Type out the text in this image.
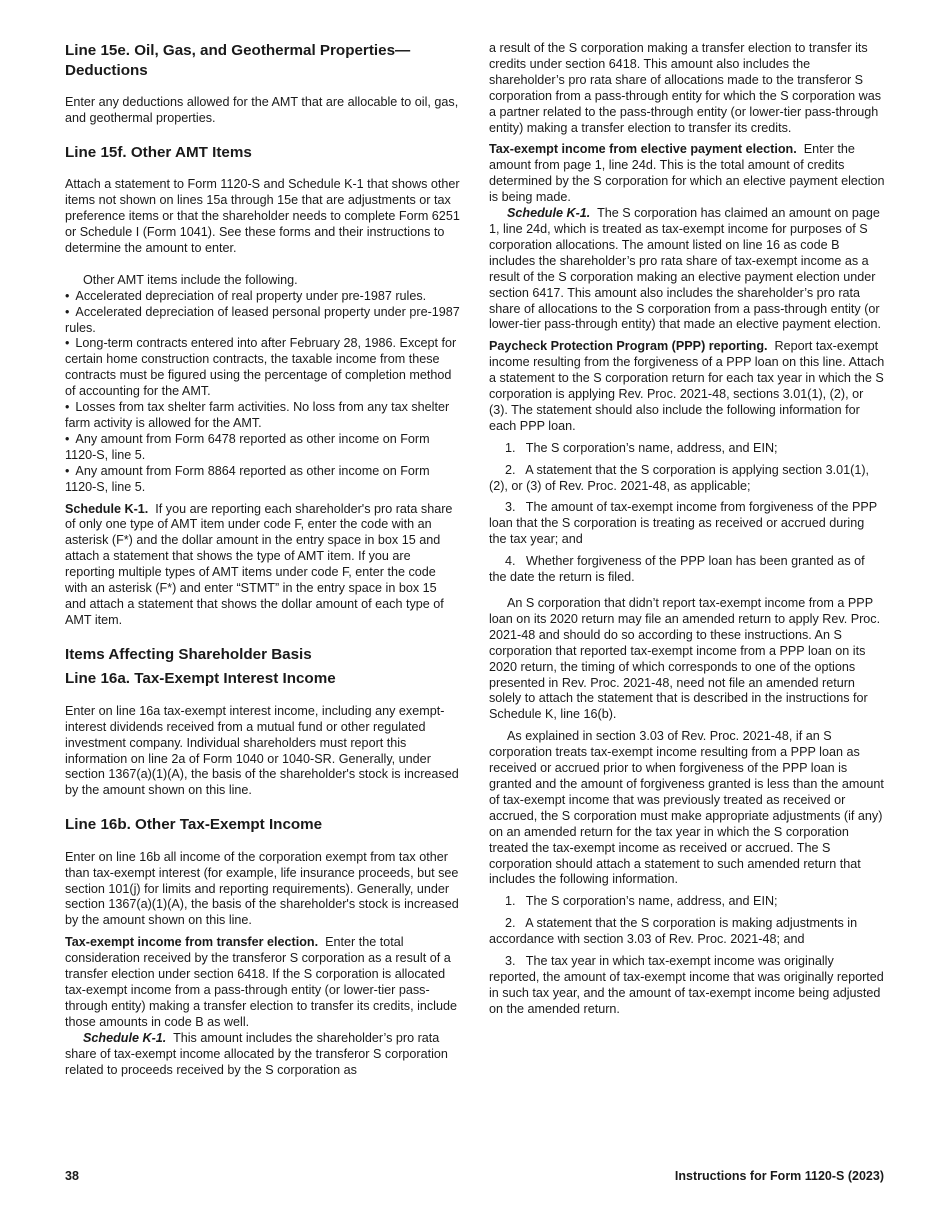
Line 15e. Oil, Gas, and Geothermal Properties—Deductions

Enter any deductions allowed for the AMT that are allocable to oil, gas, and geothermal properties.

Line 15f. Other AMT Items

Attach a statement to Form 1120-S and Schedule K-1 that shows other items not shown on lines 15a through 15e that are adjustments or tax preference items or that the shareholder needs to complete Form 6251 or Schedule I (Form 1041). See these forms and their instructions to determine the amount to enter.

Other AMT items include the following.

• Accelerated depreciation of real property under pre-1987 rules.
• Accelerated depreciation of leased personal property under pre-1987 rules.
• Long-term contracts entered into after February 28, 1986. Except for certain home construction contracts, the taxable income from these contracts must be figured using the percentage of completion method of accounting for the AMT.
• Losses from tax shelter farm activities. No loss from any tax shelter farm activity is allowed for the AMT.
• Any amount from Form 6478 reported as other income on Form 1120-S, line 5.
• Any amount from Form 8864 reported as other income on Form 1120-S, line 5.

Schedule K-1. If you are reporting each shareholder's pro rata share of only one type of AMT item under code F, enter the code with an asterisk (F*) and the dollar amount in the entry space in box 15 and attach a statement that shows the type of AMT item. If you are reporting multiple types of AMT items under code F, enter the code with an asterisk (F*) and enter “STMT” in the entry space in box 15 and attach a statement that shows the dollar amount of each type of AMT item.

Items Affecting Shareholder Basis
Line 16a. Tax-Exempt Interest Income

Enter on line 16a tax-exempt interest income, including any exempt-interest dividends received from a mutual fund or other regulated investment company. Individual shareholders must report this information on line 2a of Form 1040 or 1040-SR. Generally, under section 1367(a)(1)(A), the basis of the shareholder's stock is increased by the amount shown on this line.

Line 16b. Other Tax-Exempt Income

Enter on line 16b all income of the corporation exempt from tax other than tax-exempt interest (for example, life insurance proceeds, but see section 101(j) for limits and reporting requirements). Generally, under section 1367(a)(1)(A), the basis of the shareholder's stock is increased by the amount shown on this line.

Tax-exempt income from transfer election. Enter the total consideration received by the transferor S corporation as a result of a transfer election under section 6418. If the S corporation is allocated tax-exempt income from a pass-through entity (or lower-tier pass-through entity) making a transfer election to transfer its credits, include those amounts in code B as well.

Schedule K-1. This amount includes the shareholder’s pro rata share of tax-exempt income allocated by the transferor S corporation related to proceeds received by the S corporation as

a result of the S corporation making a transfer election to transfer its credits under section 6418. This amount also includes the shareholder’s pro rata share of allocations made to the transferor S corporation from a pass-through entity for which the S corporation was a partner related to the pass-through entity (or lower-tier pass-through entity) making a transfer election to transfer its credits.

Tax-exempt income from elective payment election. Enter the amount from page 1, line 24d. This is the total amount of credits determined by the S corporation for which an elective payment election is being made.

Schedule K-1. The S corporation has claimed an amount on page 1, line 24d, which is treated as tax-exempt income for purposes of S corporation allocations. The amount listed on line 16 as code B includes the shareholder’s pro rata share of tax-exempt income as a result of the S corporation making an elective payment election under section 6417. This amount also includes the shareholder’s pro rata share of allocations to the S corporation from a pass-through entity (or lower-tier pass-through entity) that made an elective payment election.

Paycheck Protection Program (PPP) reporting. Report tax-exempt income resulting from the forgiveness of a PPP loan on this line. Attach a statement to the S corporation return for each tax year in which the S corporation is applying Rev. Proc. 2021-48, sections 3.01(1), (2), or (3). The statement should also include the following information for each PPP loan.

1.   The S corporation’s name, address, and EIN;
2.   A statement that the S corporation is applying section 3.01(1), (2), or (3) of Rev. Proc. 2021-48, as applicable;
3.   The amount of tax-exempt income from forgiveness of the PPP loan that the S corporation is treating as received or accrued during the tax year; and
4.   Whether forgiveness of the PPP loan has been granted as of the date the return is filed.

An S corporation that didn’t report tax-exempt income from a PPP loan on its 2020 return may file an amended return to apply Rev. Proc. 2021-48 and should do so according to these instructions. An S corporation that reported tax-exempt income from a PPP loan on its 2020 return, the timing of which corresponds to one of the options presented in Rev. Proc. 2021-48, need not file an amended return solely to attach the statement that is described in the instructions for Schedule K, line 16(b).

As explained in section 3.03 of Rev. Proc. 2021-48, if an S corporation treats tax-exempt income resulting from a PPP loan as received or accrued prior to when forgiveness of the PPP loan is granted and the amount of forgiveness granted is less than the amount of tax-exempt income that was previously treated as received or accrued, the S corporation must make appropriate adjustments (if any) on an amended return for the tax year in which the S corporation treated the tax-exempt income as received or accrued. The S corporation should attach a statement to such amended return that includes the following information.

1.   The S corporation’s name, address, and EIN;
2.   A statement that the S corporation is making adjustments in accordance with section 3.03 of Rev. Proc. 2021-48; and
3.   The tax year in which tax-exempt income was originally reported, the amount of tax-exempt income that was originally reported in such tax year, and the amount of tax-exempt income being adjusted on the amended return.
38	Instructions for Form 1120-S (2023)
